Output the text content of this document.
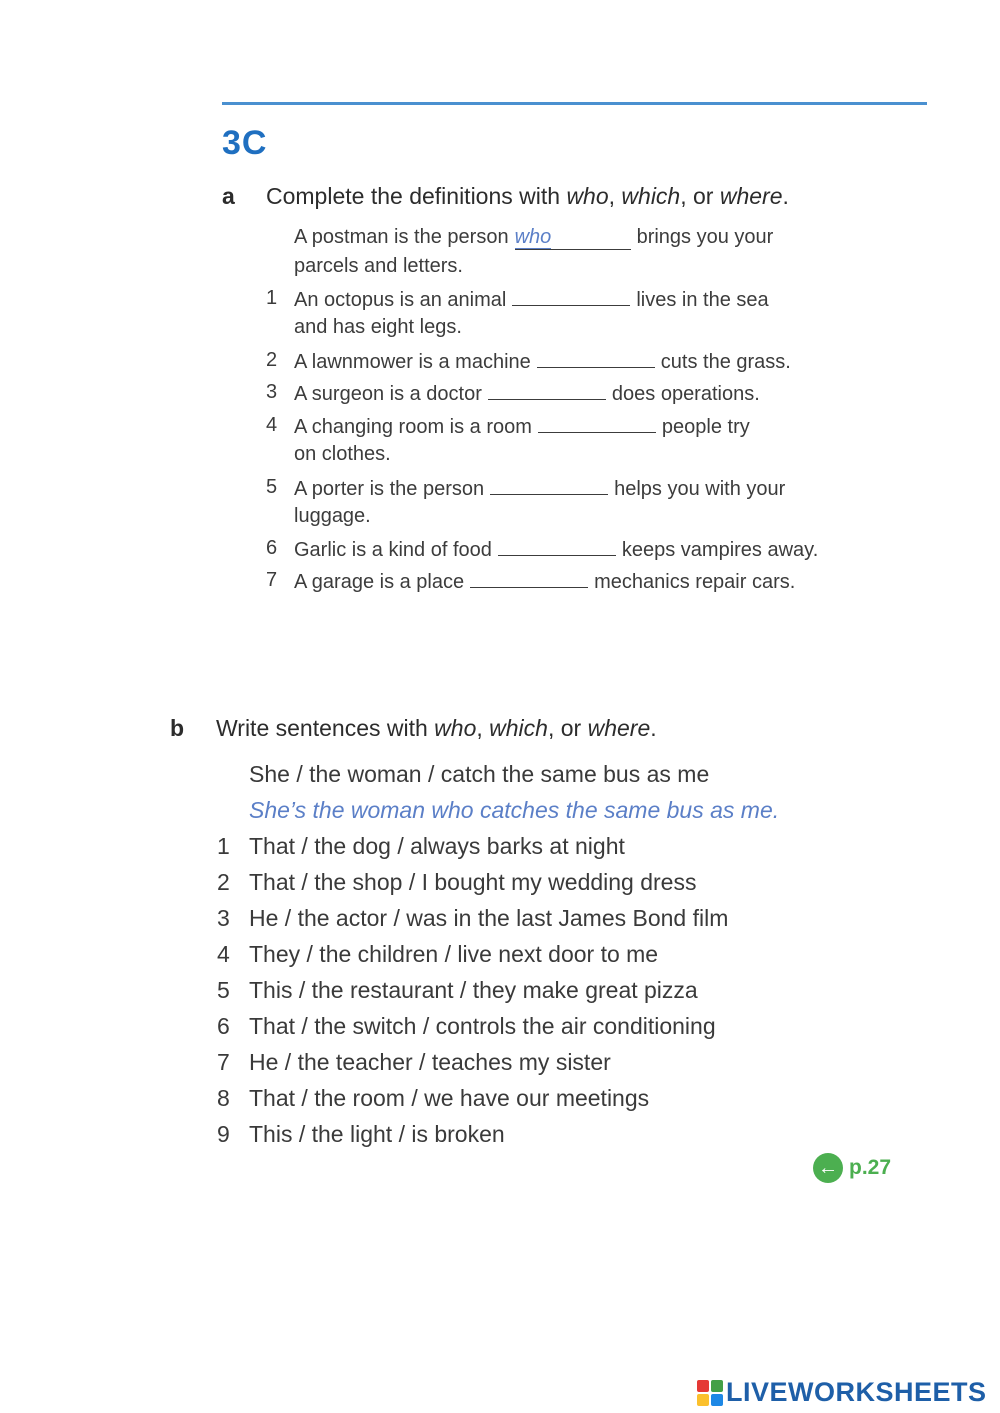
3C
a Complete the definitions with who, which, or where.
A postman is the person who	brings you your
parcels and letters.
1 An octopus is an animal	lives in the sea
and has eight legs.
2 A lawnmower is a machine	cuts the grass.
3 A surgeon is a doctor	does operations.
4 A changing room is a room	people try
on clothes.
5 A porter is the person	helps you with your
luggage.
6 Garlic is a kind of food	keeps vampires away.
7 A garage is a place	mechanics repair cars.
b Write sentences with who, which, or where.
She / the woman / catch the same bus as me
She’s the woman who catches the same bus as me.
1 That / the dog / always barks at night
2 That / the shop / I bought my wedding dress
3 He / the actor / was in the last James Bond film
4 They / the children / live next door to me
5 This / the restaurant / they make great pizza
6 That / the switch / controls the air conditioning
7 He / the teacher / teaches my sister
8 That / the room / we have our meetings
9 This / the light / is broken
← p.27
LIVEWORKSHEETS
